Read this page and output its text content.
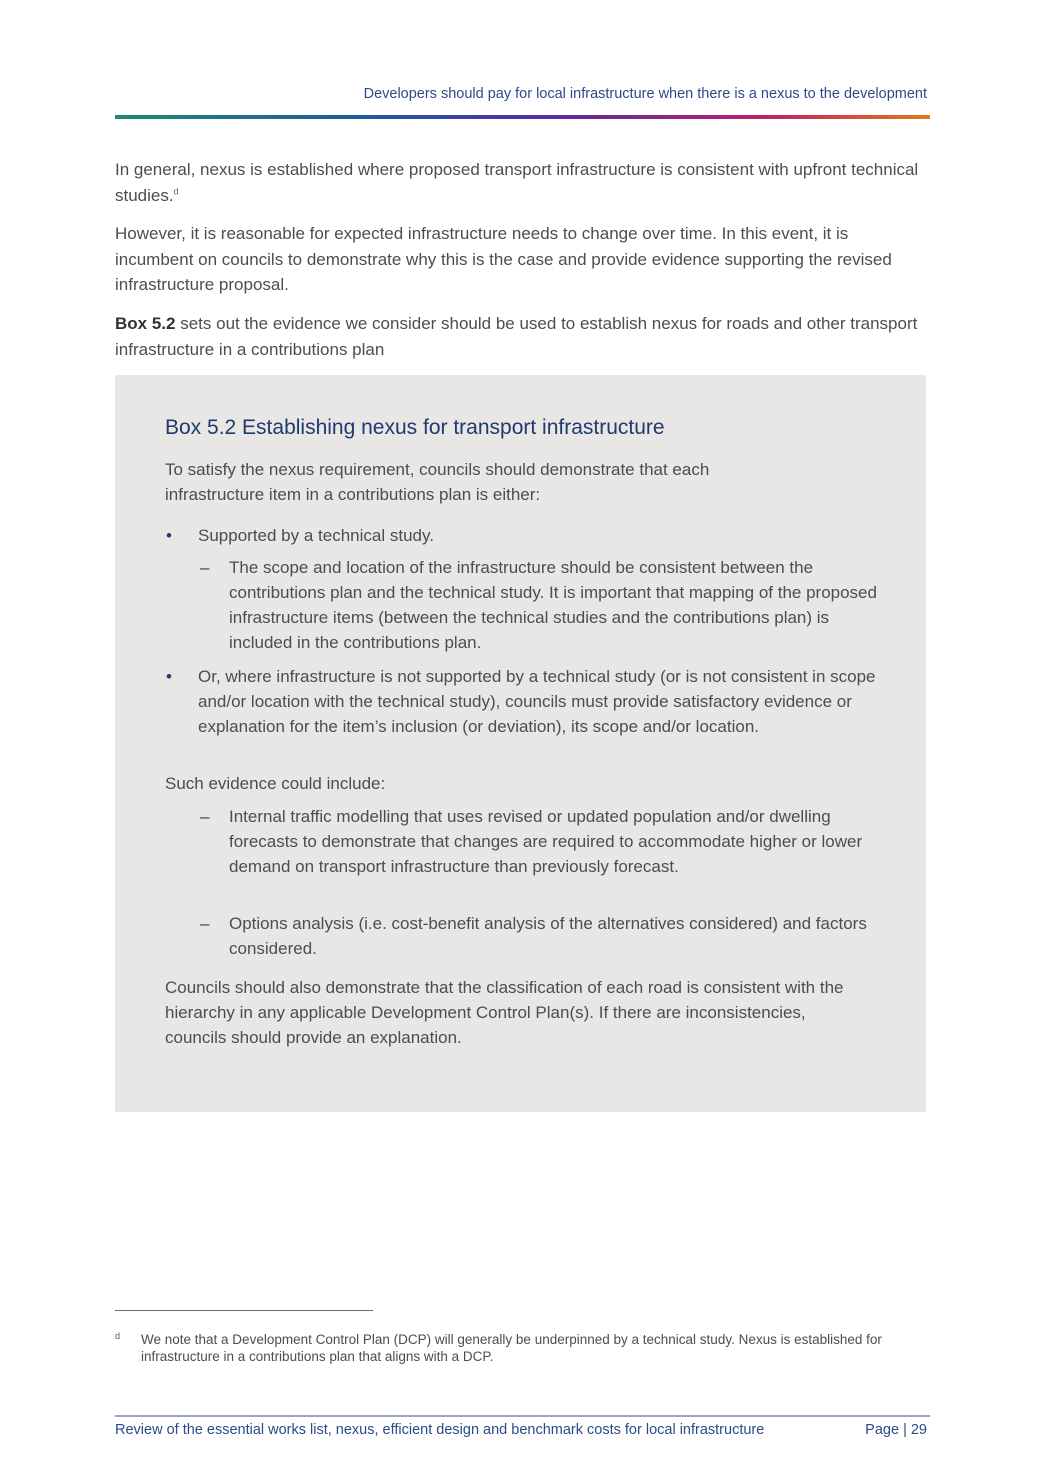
Developers should pay for local infrastructure when there is a nexus to the development

In general, nexus is established where proposed transport infrastructure is consistent with upfront technical studies.$^d$

However, it is reasonable for expected infrastructure needs to change over time. In this event, it is incumbent on councils to demonstrate why this is the case and provide evidence supporting the revised infrastructure proposal.

Box 5.2 sets out the evidence we consider should be used to establish nexus for roads and other transport infrastructure in a contributions plan

Box 5.2 Establishing nexus for transport infrastructure

To satisfy the nexus requirement, councils should demonstrate that each infrastructure item in a contributions plan is either:

• Supported by a technical study.

– The scope and location of the infrastructure should be consistent between the contributions plan and the technical study. It is important that mapping of the proposed infrastructure items (between the technical studies and the contributions plan) is included in the contributions plan.

• Or, where infrastructure is not supported by a technical study (or is not consistent in scope and/or location with the technical study), councils must provide satisfactory evidence or explanation for the item’s inclusion (or deviation), its scope and/or location.

Such evidence could include:

– Internal traffic modelling that uses revised or updated population and/or dwelling forecasts to demonstrate that changes are required to accommodate higher or lower demand on transport infrastructure than previously forecast.

– Options analysis (i.e. cost-benefit analysis of the alternatives considered) and factors considered.

Councils should also demonstrate that the classification of each road is consistent with the hierarchy in any applicable Development Control Plan(s). If there are inconsistencies, councils should provide an explanation.

d We note that a Development Control Plan (DCP) will generally be underpinned by a technical study. Nexus is established for infrastructure in a contributions plan that aligns with a DCP.

Review of the essential works list, nexus, efficient design and benchmark costs for local infrastructure	Page | 29
